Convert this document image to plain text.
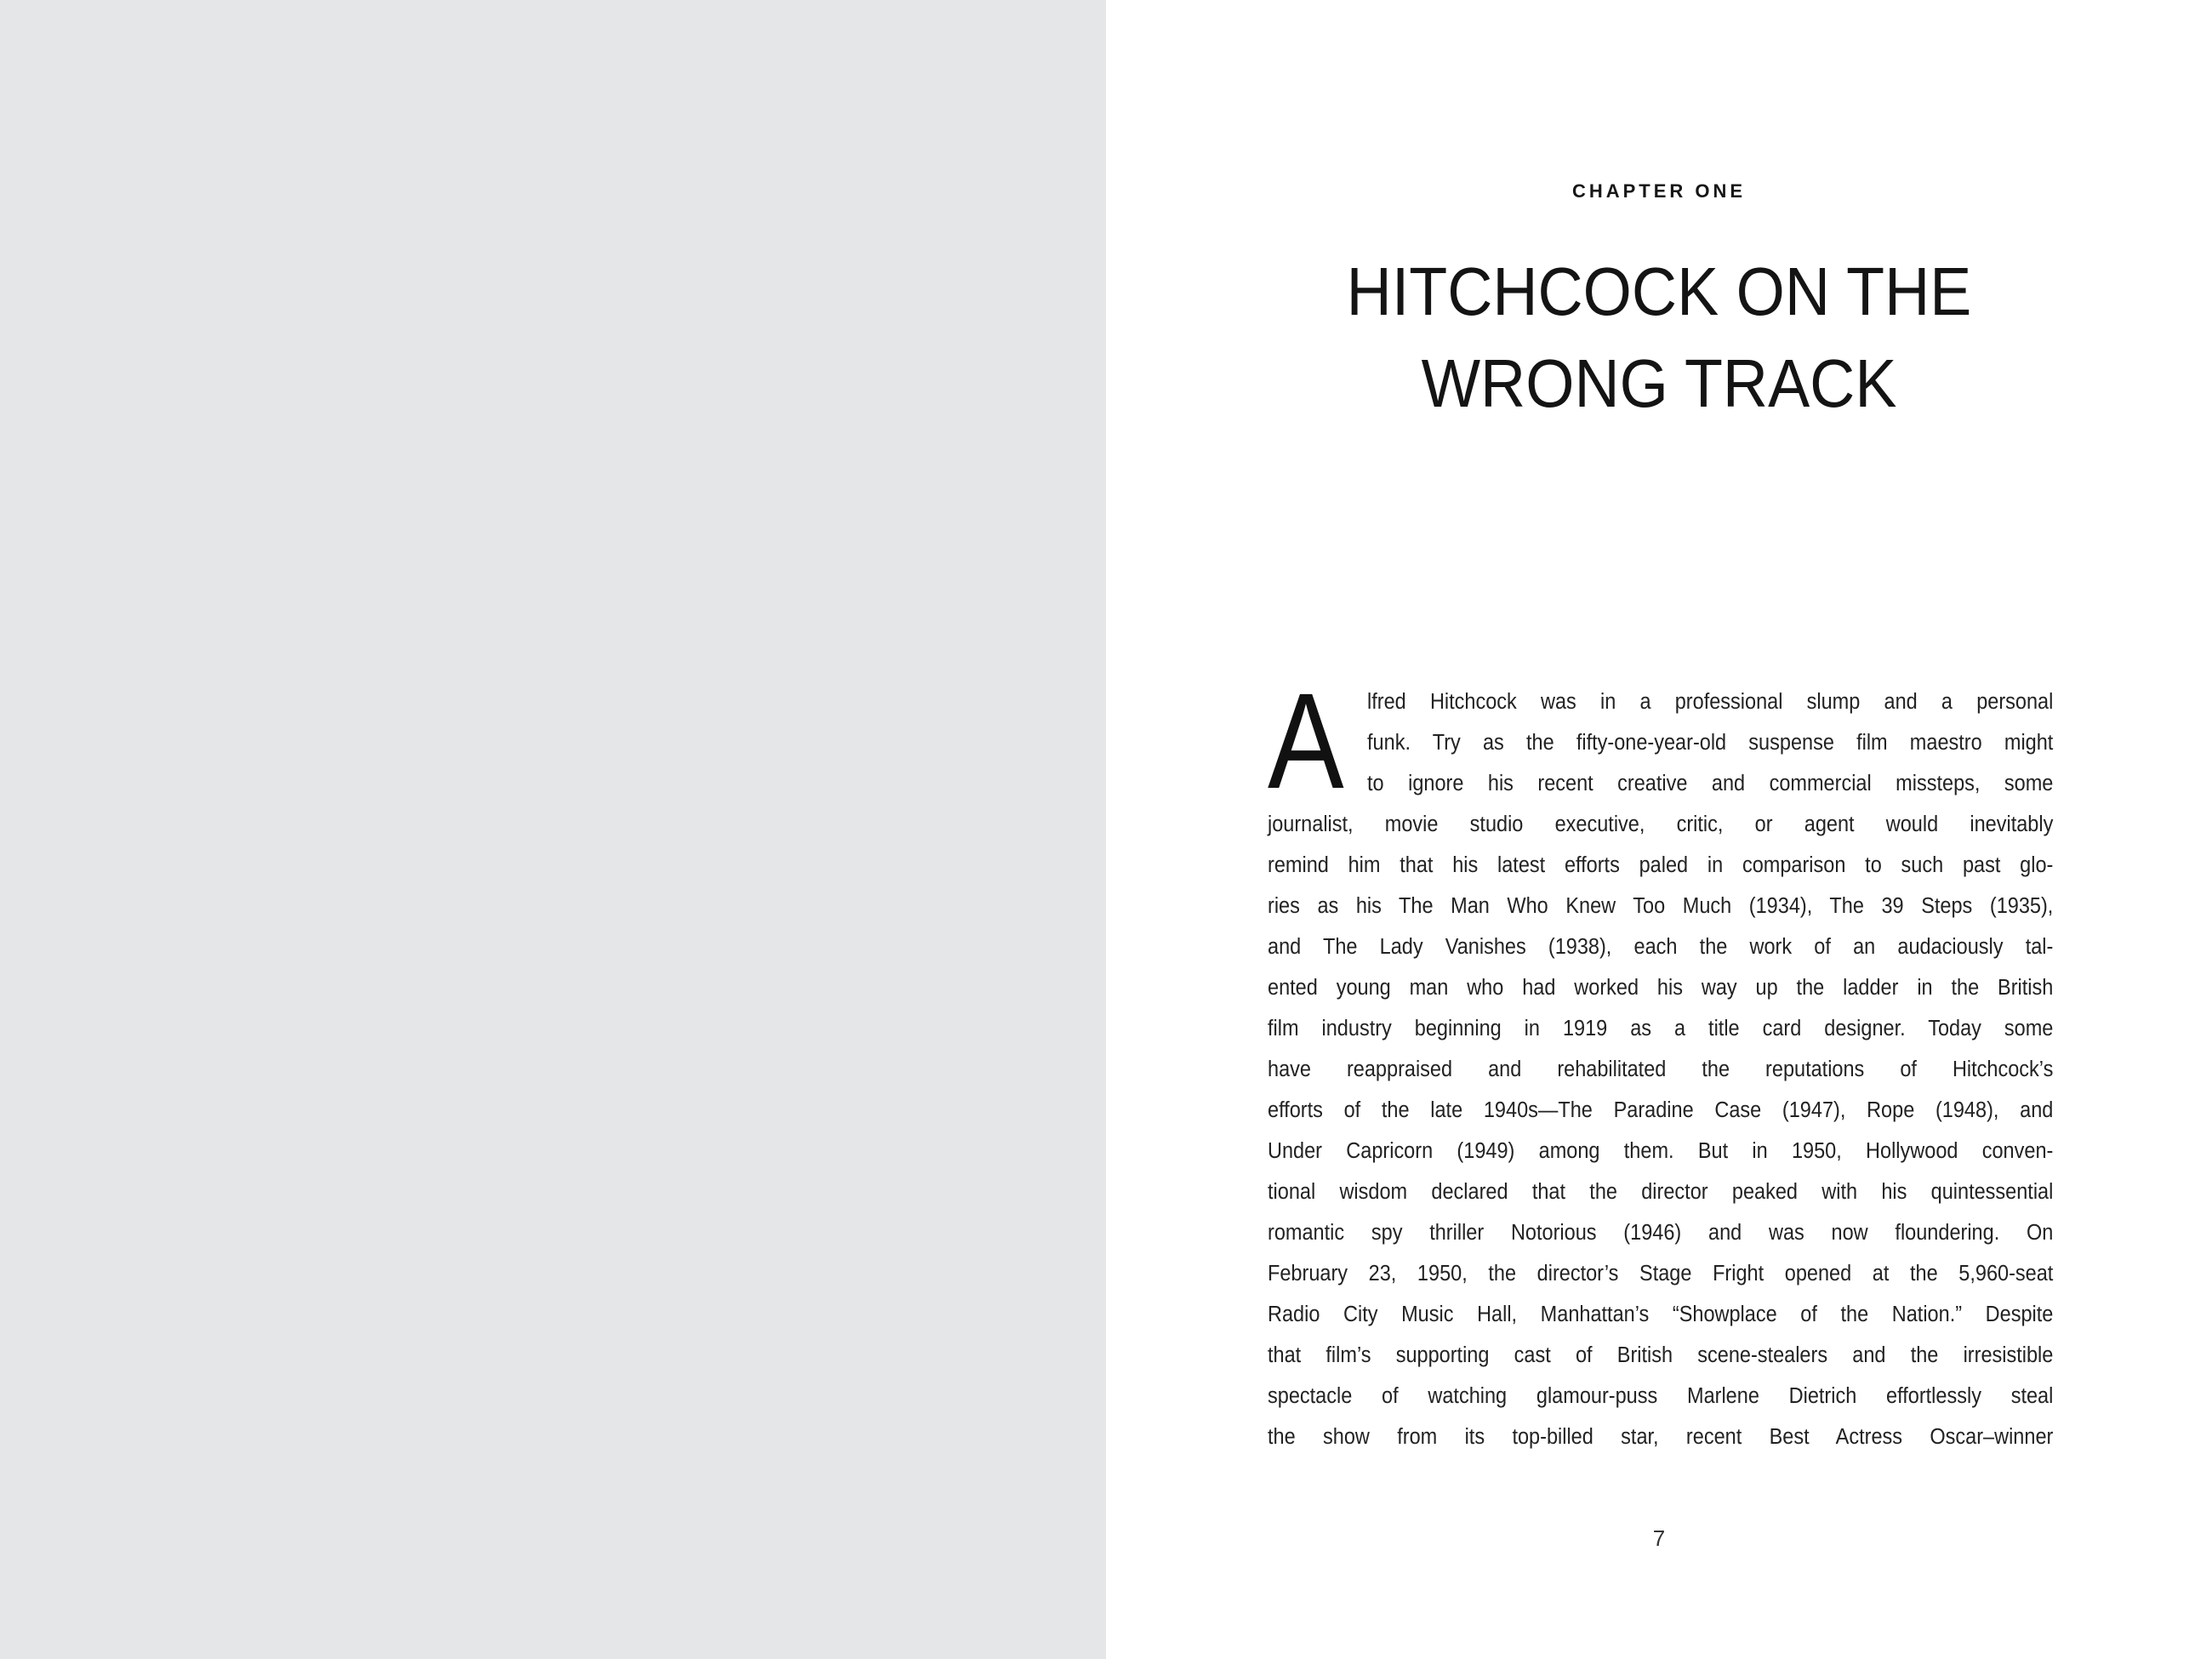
CHAPTER ONE
HITCHCOCK ON THE
WRONG TRACK
A	lfred Hitchcock was in a professional slump and a personal
funk. Try as the fifty-one-year-old suspense film maestro might
to ignore his recent creative and commercial missteps, some
journalist, movie studio executive, critic, or agent would inevitably
remind him that his latest efforts paled in comparison to such past glo-
ries as his The Man Who Knew Too Much (1934), The 39 Steps (1935),
and The Lady Vanishes (1938), each the work of an audaciously tal-
ented young man who had worked his way up the ladder in the British
film industry beginning in 1919 as a title card designer. Today some
have reappraised and rehabilitated the reputations of Hitchcock’s
efforts of the late 1940s—The Paradine Case (1947), Rope (1948), and
Under Capricorn (1949) among them. But in 1950, Hollywood conven-
tional wisdom declared that the director peaked with his quintessential
romantic spy thriller Notorious (1946) and was now floundering. On
February 23, 1950, the director’s Stage Fright opened at the 5,960-seat
Radio City Music Hall, Manhattan’s “Showplace of the Nation.” Despite
that film’s supporting cast of British scene-stealers and the irresistible
spectacle of watching glamour-puss Marlene Dietrich effortlessly steal
the show from its top-billed star, recent Best Actress Oscar–winner
7
